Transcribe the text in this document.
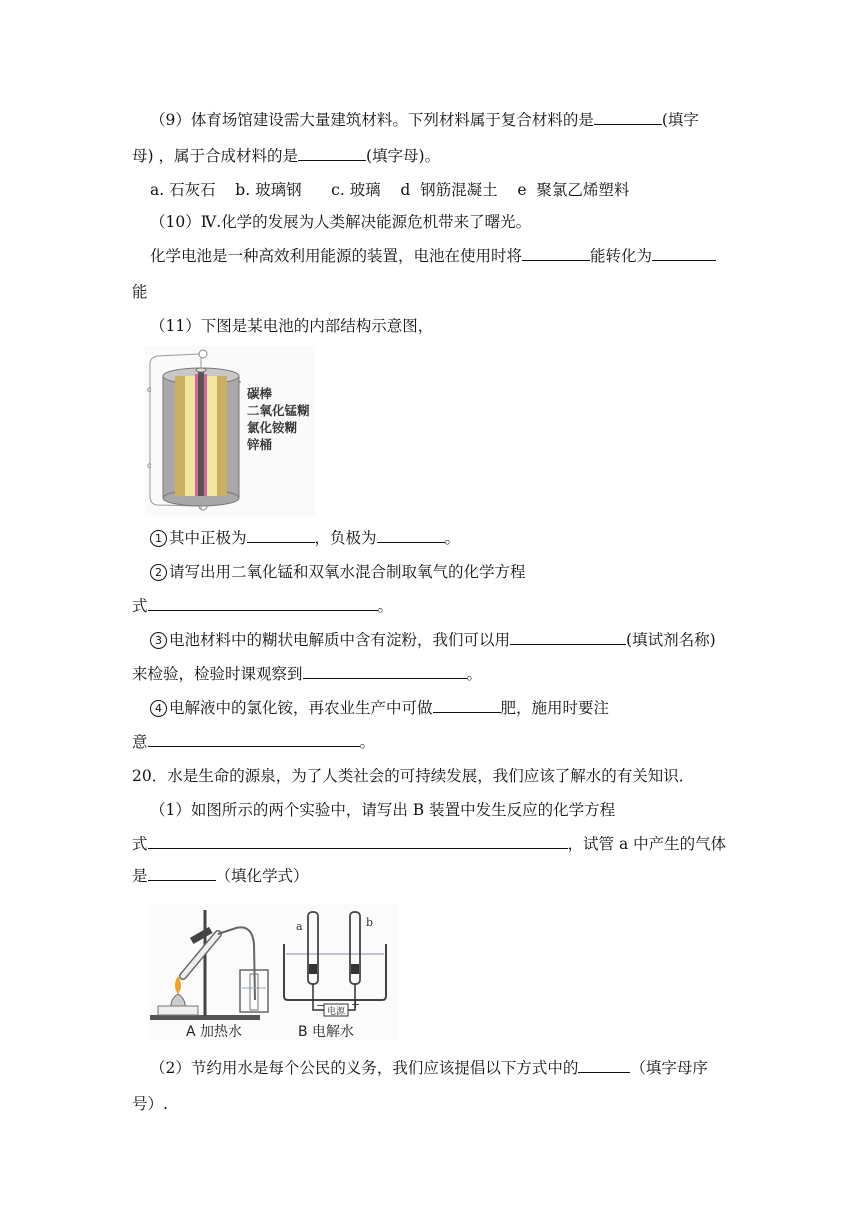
（9）体育场馆建设需大量建筑材料。下列材料属于复合材料的是	(填字
母) ，属于合成材料的是	(填字母)。
a. 石灰石    b. 玻璃钢      c. 玻璃    d  钢筋混凝土    e  聚氯乙烯塑料
（10）Ⅳ.化学的发展为人类解决能源危机带来了曙光。
化学电池是一种高效利用能源的装置，电池在使用时将	能转化为
能
（11）下图是某电池的内部结构示意图，
c
c
碳棒
二氧化锰糊
氯化铵糊
锌桶
1 其中正极为	，负极为	。
2 请写出用二氧化锰和双氧水混合制取氧气的化学方程
式	。
3 电池材料中的糊状电解质中含有淀粉，我们可以用	(填试剂名称)
来检验，检验时课观察到	。
4 电解液中的氯化铵，再农业生产中可做	肥，施用时要注
意	。
20．水是生命的源泉，为了人类社会的可持续发展，我们应该了解水的有关知识．
（1）如图所示的两个实验中，请写出 B 装置中发生反应的化学方程
式	，试管 a 中产生的气体
是	（填化学式）
a	b
电源
− +
A 加热水	B 电解水
（2）节约用水是每个公民的义务，我们应该提倡以下方式中的	（填字母序
号）.
